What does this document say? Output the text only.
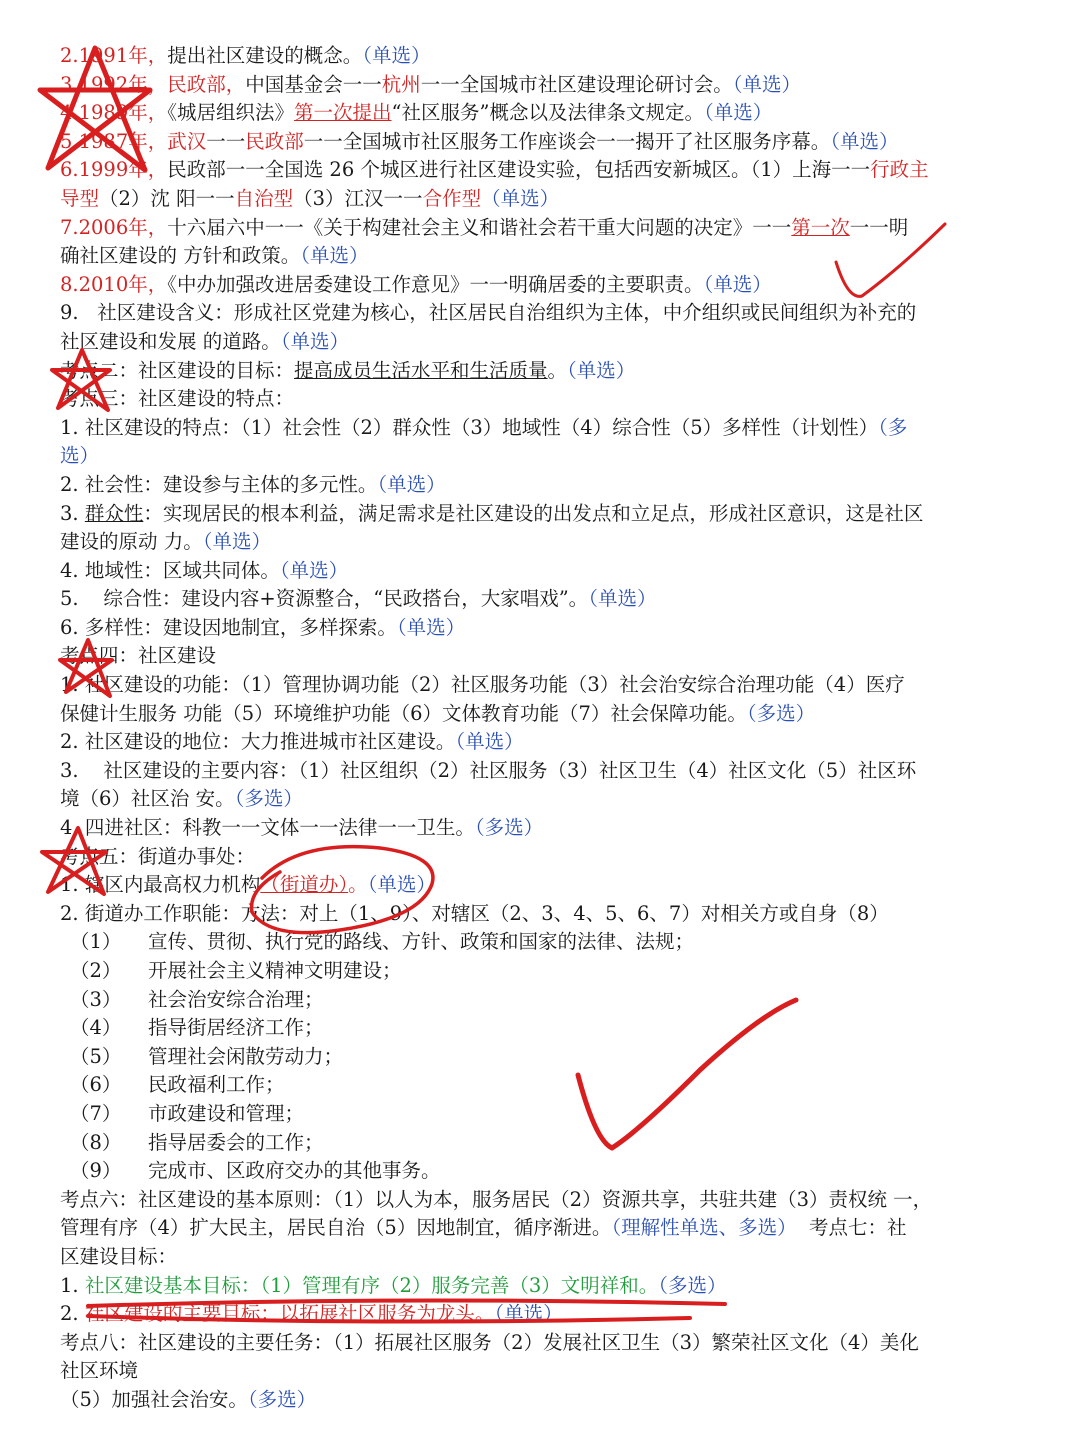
2.1991年，提出社区建设的概念。（单选）
3.1992年，民政部，中国基金会一一杭州一一全国城市社区建设理论研讨会。（单选）
4.1989年，《城居组织法》第一次提出“社区服务”概念以及法律条文规定。（单选）
5.1987年，武汉一一民政部一一全国城市社区服务工作座谈会一一揭开了社区服务序幕。（单选）
6.1999年，民政部一一全国选 26 个城区进行社区建设实验，包括西安新城区。（1）上海一一行政主
导型（2）沈 阳一一自治型（3）江汉一一合作型（单选）
7.2006年，十六届六中一一《关于构建社会主义和谐社会若干重大问题的决定》一一第一次一一明
确社区建设的 方针和政策。（单选）
8.2010年，《中办加强改进居委建设工作意见》一一明确居委的主要职责。（单选）
9. 社区建设含义：形成社区党建为核心，社区居民自治组织为主体，中介组织或民间组织为补充的
社区建设和发展 的道路。（单选）
考点二：社区建设的目标：提高成员生活水平和生活质量。（单选）
考点三：社区建设的特点：
1. 社区建设的特点：（1）社会性（2）群众性（3）地域性（4）综合性（5）多样性（计划性）（多
选）
2. 社会性：建设参与主体的多元性。（单选）
3. 群众性：实现居民的根本利益，满足需求是社区建设的出发点和立足点，形成社区意识，这是社区
建设的原动 力。（单选）
4. 地域性：区域共同体。（单选）
5. 综合性：建设内容+资源整合，“民政搭台，大家唱戏”。（单选）
6. 多样性：建设因地制宜，多样探索。（单选）
考点四：社区建设
1. 社区建设的功能：（1）管理协调功能（2）社区服务功能（3）社会治安综合治理功能（4）医疗
保健计生服务 功能（5）环境维护功能（6）文体教育功能（7）社会保障功能。（多选）
2. 社区建设的地位：大力推进城市社区建设。（单选）
3. 社区建设的主要内容：（1）社区组织（2）社区服务（3）社区卫生（4）社区文化（5）社区环
境（6）社区治 安。（多选）
4. 四进社区：科教一一文体一一法律一一卫生。（多选）
考点五：街道办事处：
1. 辖区内最高权力机构（街道办）。（单选）
2. 街道办工作职能：方法：对上（1、9）、对辖区（2、3、4、5、6、7）对相关方或自身（8）
（1） 宣传、贯彻、执行党的路线、方针、政策和国家的法律、法规；
（2） 开展社会主义精神文明建设；
（3） 社会治安综合治理；
（4） 指导街居经济工作；
（5） 管理社会闲散劳动力；
（6） 民政福利工作；
（7） 市政建设和管理；
（8） 指导居委会的工作；
（9） 完成市、区政府交办的其他事务。
考点六：社区建设的基本原则：（1）以人为本，服务居民（2）资源共享，共驻共建（3）责权统 一，
管理有序（4）扩大民主，居民自治（5）因地制宜，循序渐进。（理解性单选、多选） 考点七：社
区建设目标：
1. 社区建设基本目标：（1）管理有序（2）服务完善（3）文明祥和。（多选）
2. 社区建设的主要目标：以拓展社区服务为龙头。（单选）
考点八：社区建设的主要任务：（1）拓展社区服务（2）发展社区卫生（3）繁荣社区文化（4）美化
社区环境
（5）加强社会治安。（多选）
